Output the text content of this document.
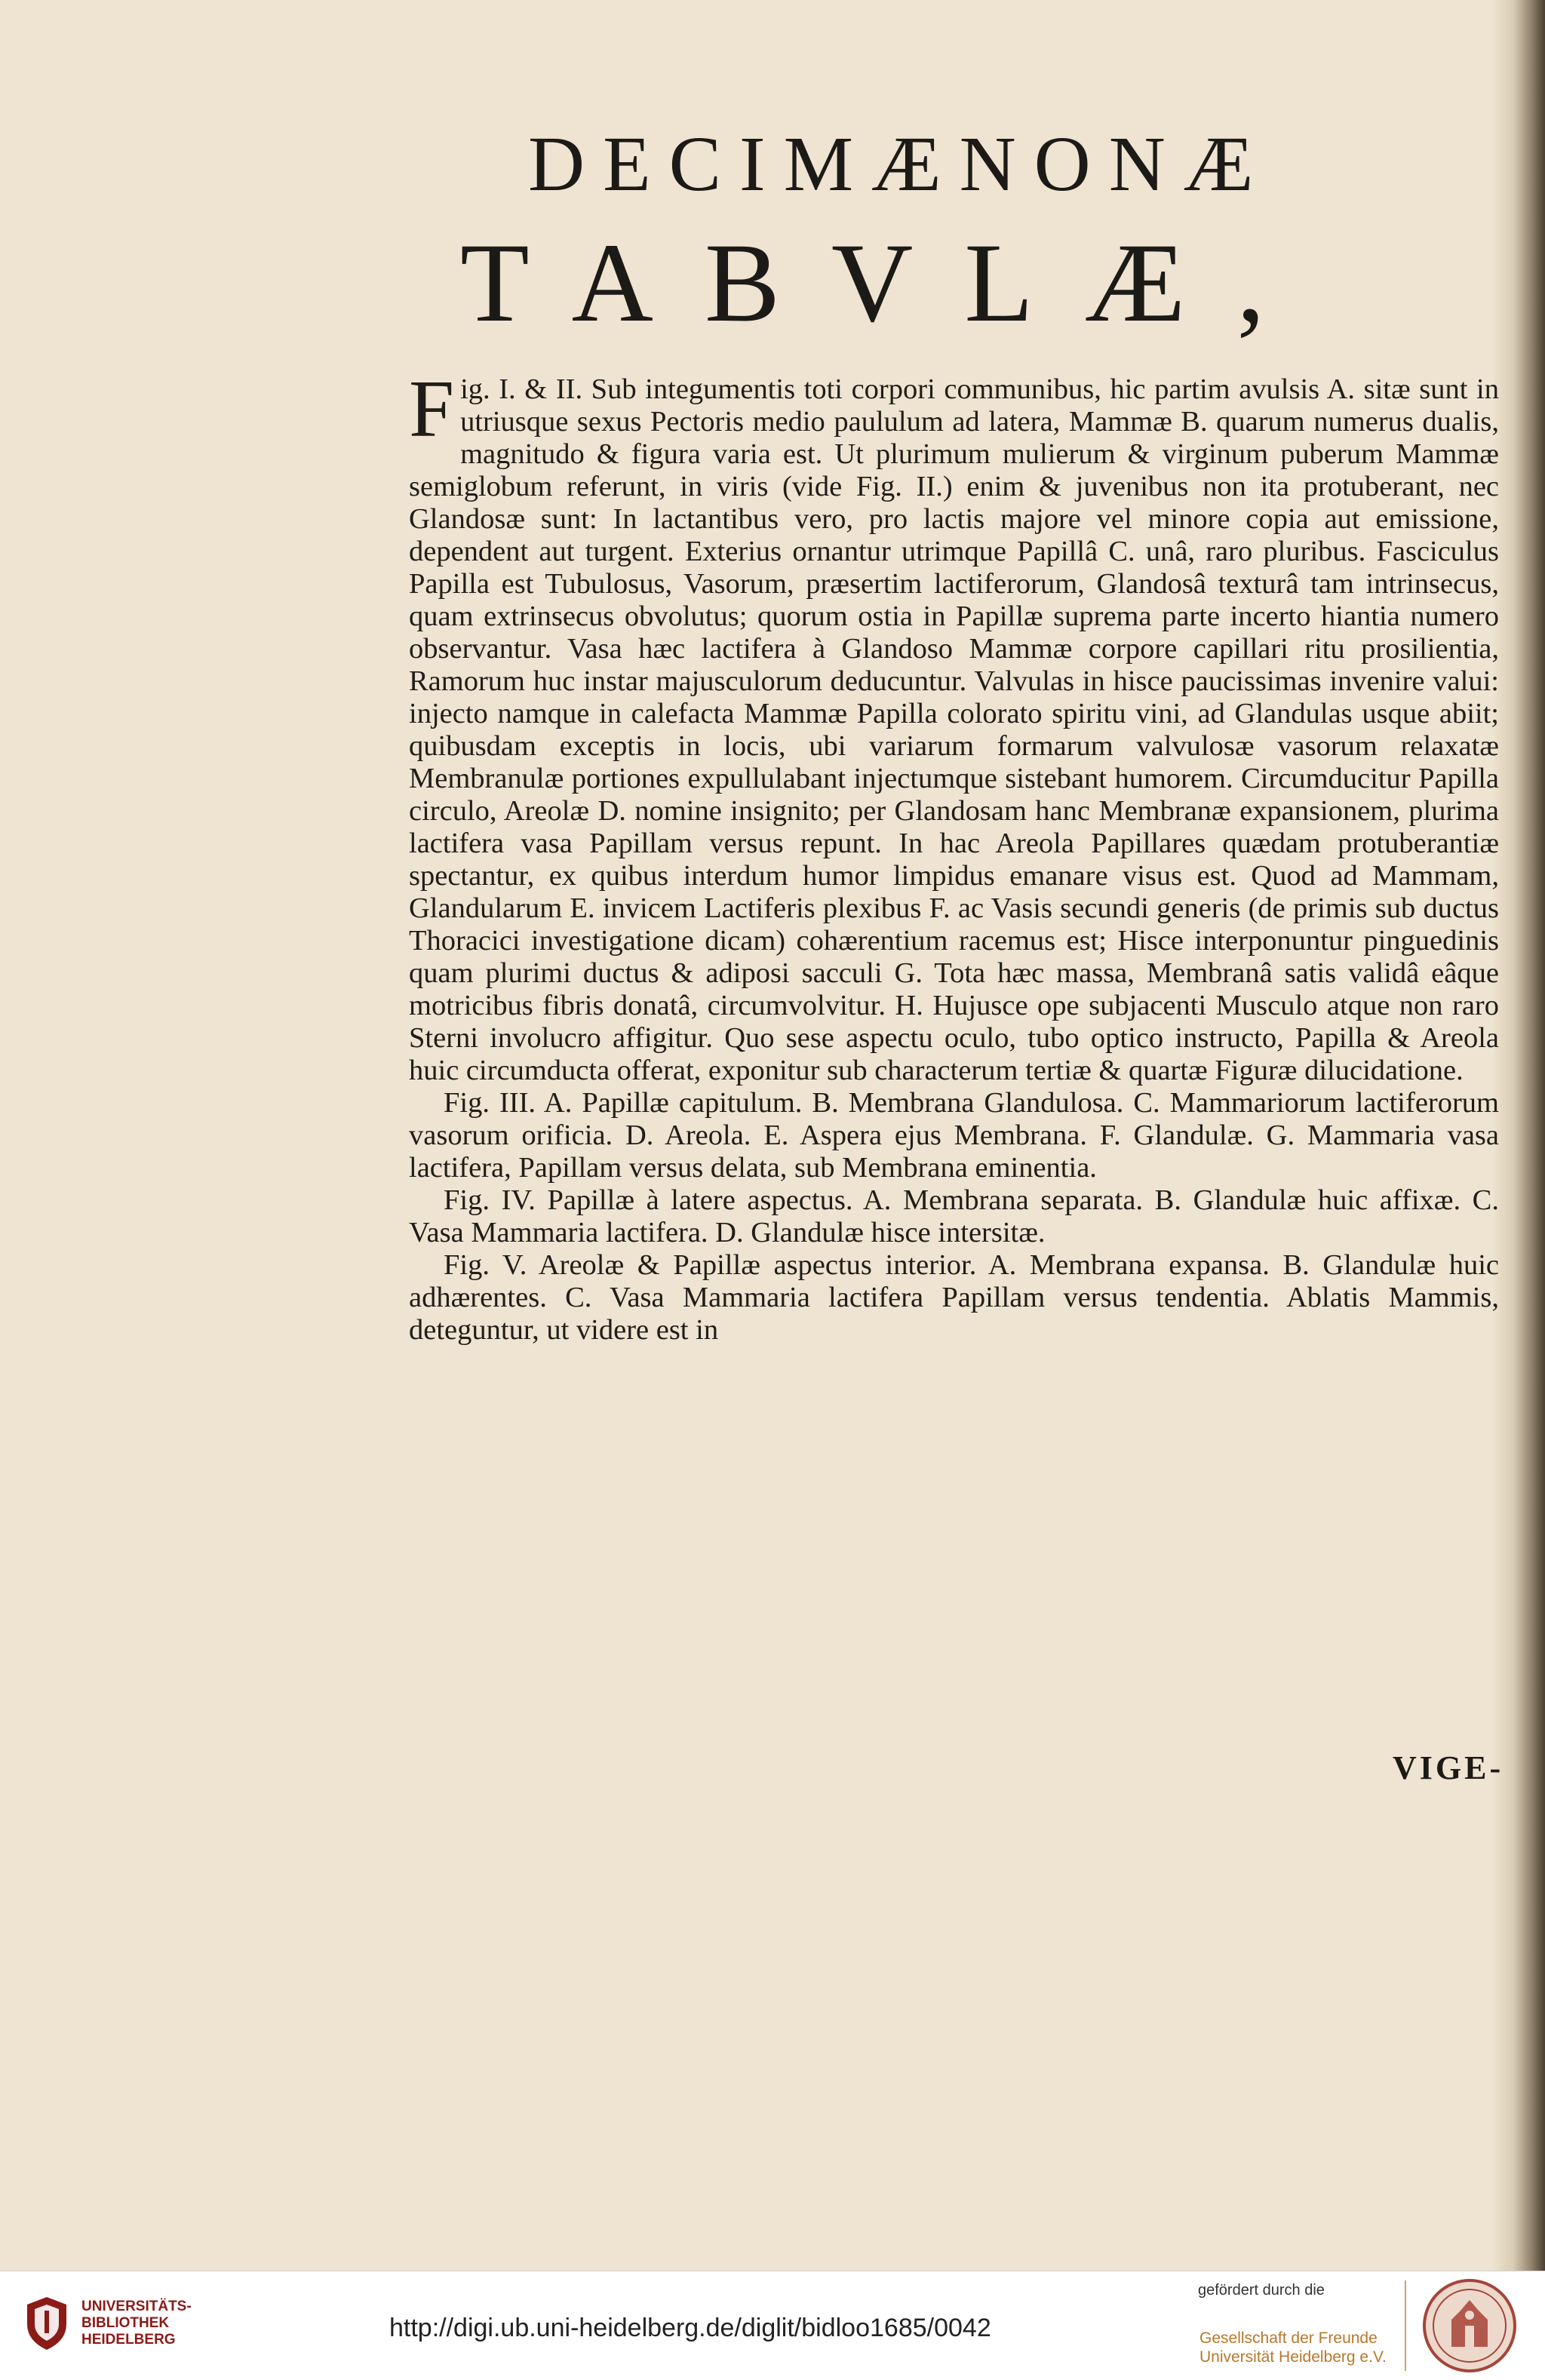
DECIMÆNONÆ
TABVLÆ,

Fig. I. & II. Sub integumentis toti corpori communibus, hic partim avulsis A. sitæ sunt in utriusque sexus Pectoris medio paululum ad latera, Mammæ B. quarum numerus dualis, magnitudo & figura varia est. Ut plurimum mulierum & virginum puberum Mammæ semiglobum referunt, in viris (vide Fig. II.) enim & juvenibus non ita protuberant, nec Glandosæ sunt: In lactantibus vero, pro lactis majore vel minore copia aut emissione, dependent aut turgent. Exterius ornantur utrimque Papillâ C. unâ, raro pluribus. Fasciculus Papilla est Tubulosus, Vasorum, præsertim lactiferorum, Glandosâ texturâ tam intrinsecus, quam extrinsecus obvolutus; quorum ostia in Papillæ suprema parte incerto hiantia numero observantur. Vasa hæc lactifera à Glandoso Mammæ corpore capillari ritu prosilientia, Ramorum huc instar majusculorum deducuntur. Valvulas in hisce paucissimas invenire valui: injecto namque in calefacta Mammæ Papilla colorato spiritu vini, ad Glandulas usque abiit; quibusdam exceptis in locis, ubi variarum formarum valvulosæ vasorum relaxatæ Membranulæ portiones expullulabant injectumque sistebant humorem. Circumducitur Papilla circulo, Areolæ D. nomine insignito; per Glandosam hanc Membranæ expansionem, plurima lactifera vasa Papillam versus repunt. In hac Areola Papillares quædam protuberantiæ spectantur, ex quibus interdum humor limpidus emanare visus est. Quod ad Mammam, Glandularum E. invicem Lactiferis plexibus F. ac Vasis secundi generis (de primis sub ductus Thoracici investigatione dicam) cohærentium racemus est; Hisce interponuntur pinguedinis quam plurimi ductus & adiposi sacculi G. Tota hæc massa, Membranâ satis validâ eâque motricibus fibris donatâ, circumvolvitur. H. Hujusce ope subjacenti Musculo atque non raro Sterni involucro affigitur. Quo sese aspectu oculo, tubo optico instructo, Papilla & Areola huic circumducta offerat, exponitur sub characterum tertiæ & quartæ Figuræ dilucidatione.

Fig. III. A. Papillæ capitulum. B. Membrana Glandulosa. C. Mammariorum lactiferorum vasorum orificia. D. Areola. E. Aspera ejus Membrana. F. Glandulæ. G. Mammaria vasa lactifera, Papillam versus delata, sub Membrana eminentia.

Fig. IV. Papillæ à latere aspectus. A. Membrana separata. B. Glandulæ huic affixæ. C. Vasa Mammaria lactifera. D. Glandulæ hisce intersitæ.

Fig. V. Areolæ & Papillæ aspectus interior. A. Membrana expansa. B. Glandulæ huic adhærentes. C. Vasa Mammaria lactifera Papillam versus tendentia. Ablatis Mammis, deteguntur, ut videre est in

VIGE-
UNIVERSITÄTS-
BIBLIOTHEK
HEIDELBERG	http://digi.ub.uni-heidelberg.de/diglit/bidloo1685/0042
gefördert durch die
Gesellschaft der Freunde
Universität Heidelberg e.V.
